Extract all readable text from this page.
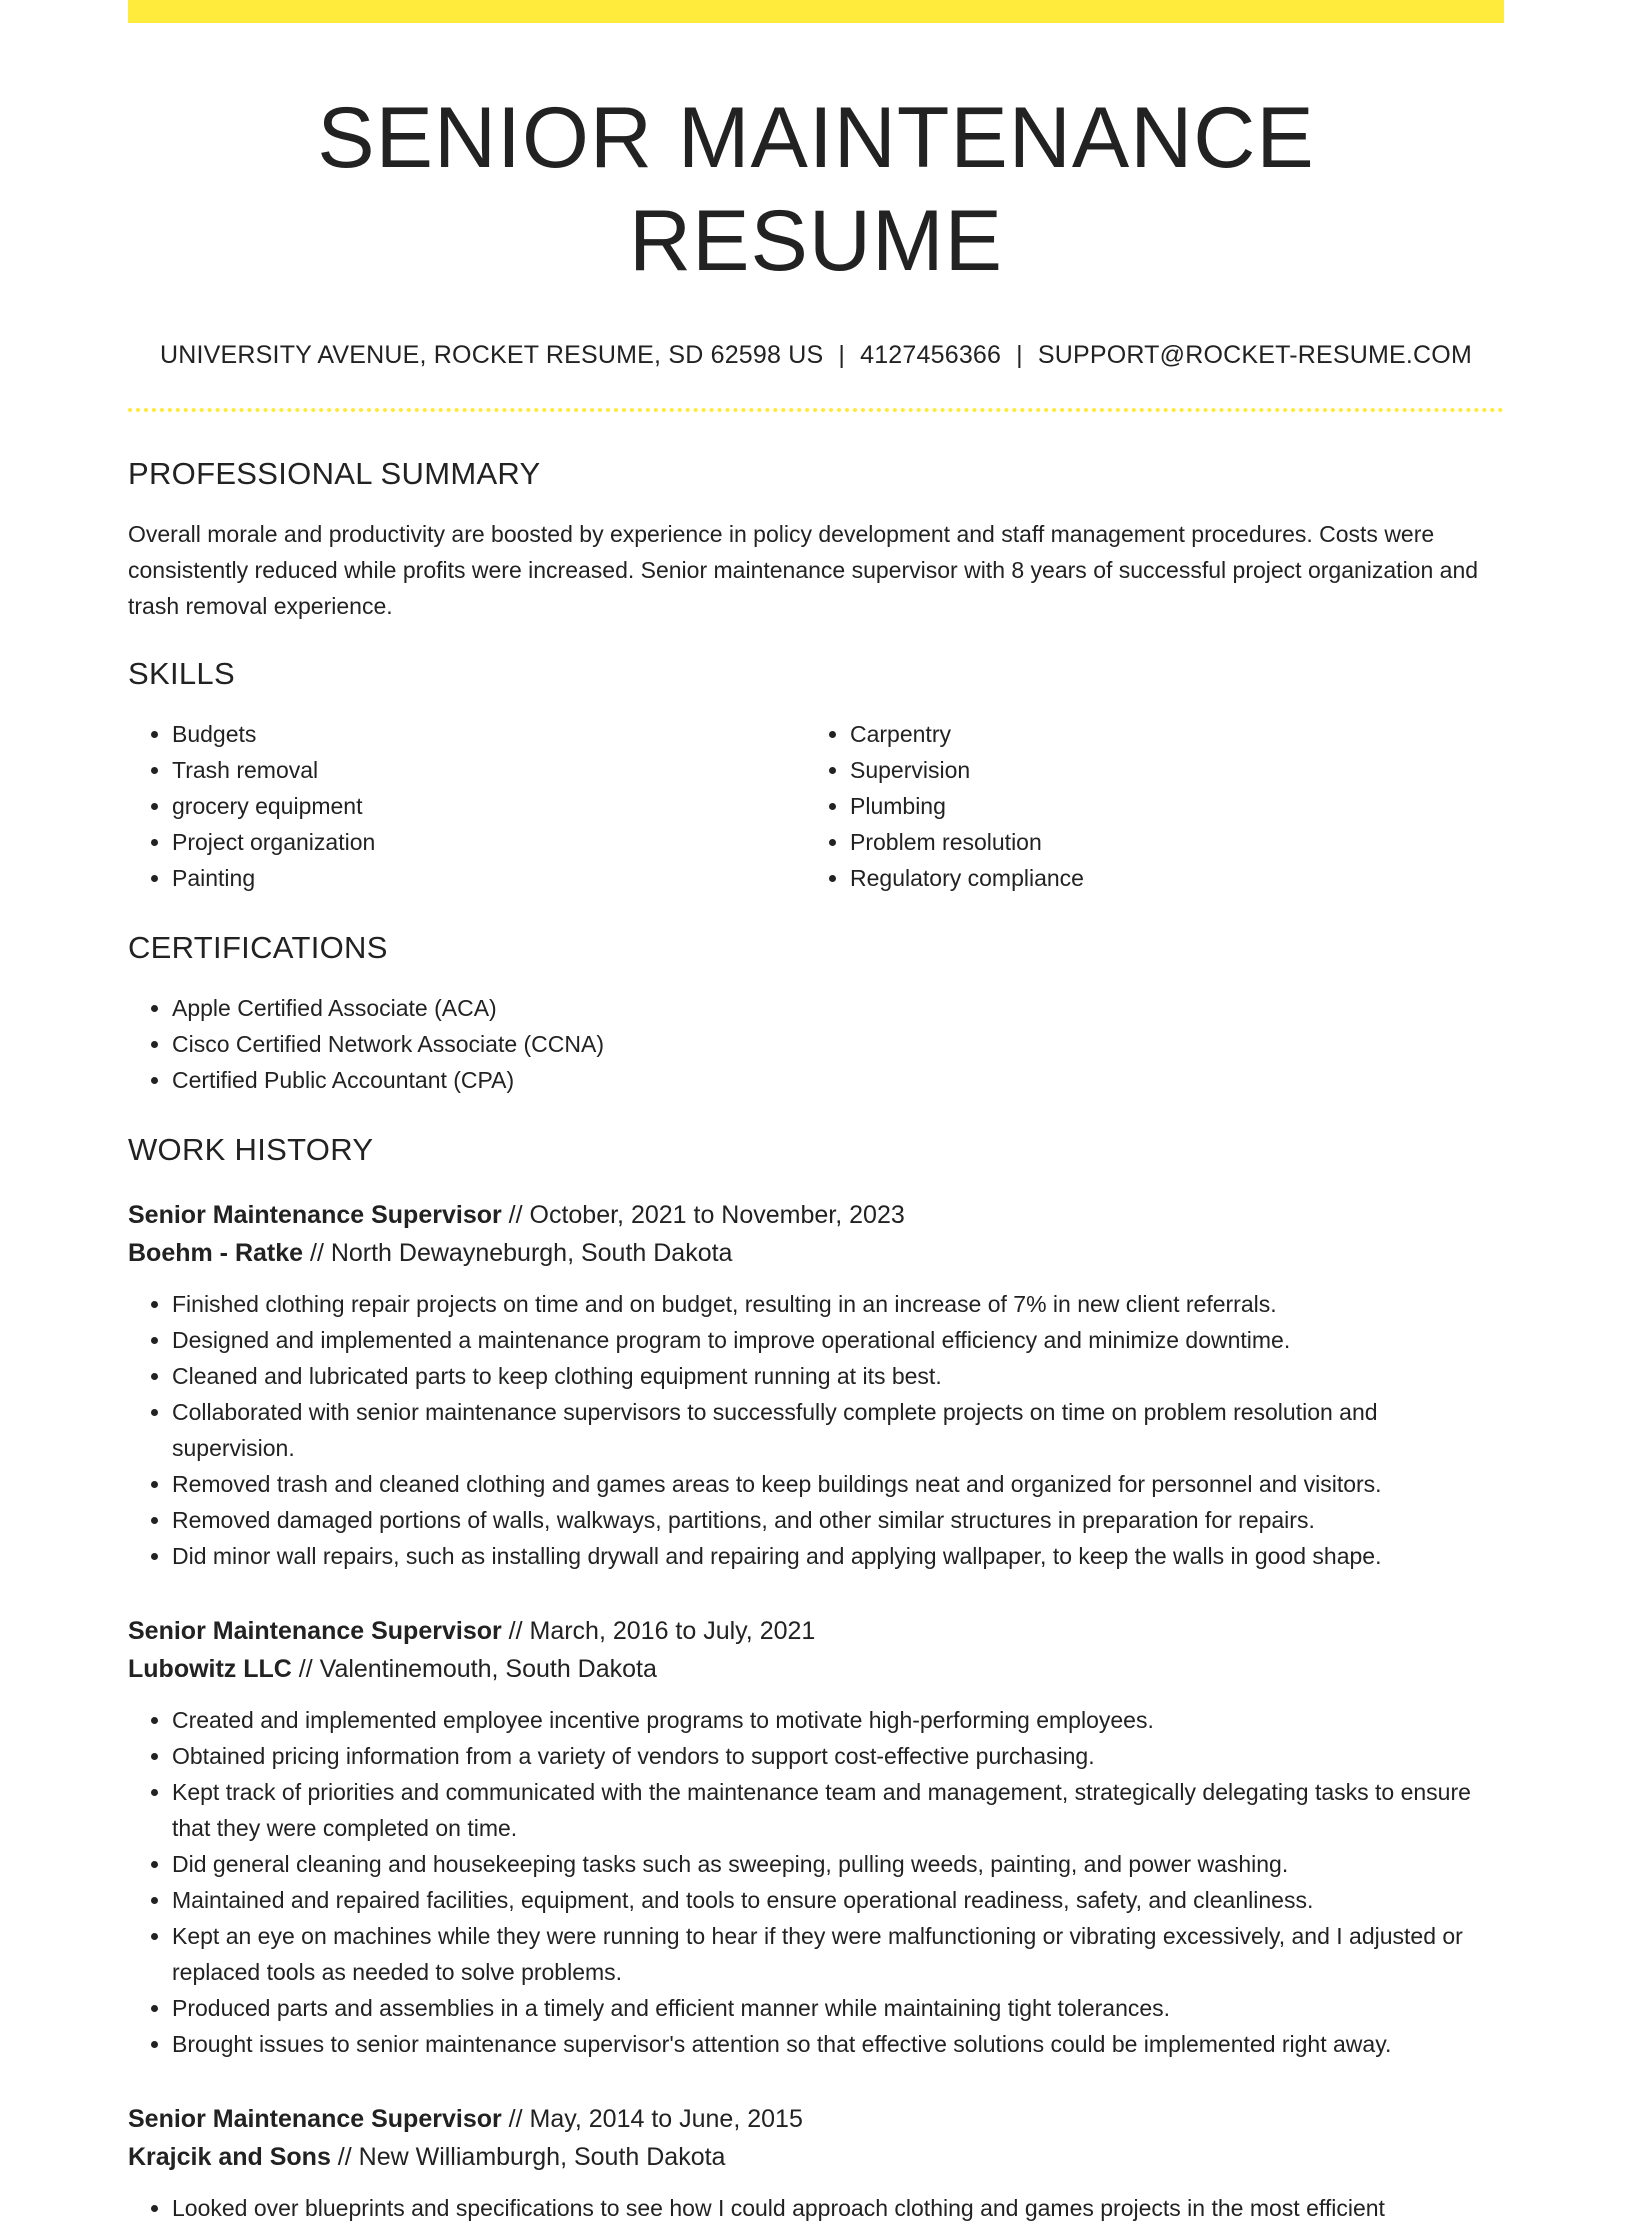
SENIOR MAINTENANCE RESUME
UNIVERSITY AVENUE, ROCKET RESUME, SD 62598 US | 4127456366 | SUPPORT@ROCKET-RESUME.COM
PROFESSIONAL SUMMARY
Overall morale and productivity are boosted by experience in policy development and staff management procedures. Costs were consistently reduced while profits were increased. Senior maintenance supervisor with 8 years of successful project organization and trash removal experience.
SKILLS
• Budgets
• Trash removal
• grocery equipment
• Project organization
• Painting
• Carpentry
• Supervision
• Plumbing
• Problem resolution
• Regulatory compliance
CERTIFICATIONS
• Apple Certified Associate (ACA)
• Cisco Certified Network Associate (CCNA)
• Certified Public Accountant (CPA)
WORK HISTORY
Senior Maintenance Supervisor // October, 2021 to November, 2023
Boehm - Ratke // North Dewayneburgh, South Dakota
• Finished clothing repair projects on time and on budget, resulting in an increase of 7% in new client referrals.
• Designed and implemented a maintenance program to improve operational efficiency and minimize downtime.
• Cleaned and lubricated parts to keep clothing equipment running at its best.
• Collaborated with senior maintenance supervisors to successfully complete projects on time on problem resolution and supervision.
• Removed trash and cleaned clothing and games areas to keep buildings neat and organized for personnel and visitors.
• Removed damaged portions of walls, walkways, partitions, and other similar structures in preparation for repairs.
• Did minor wall repairs, such as installing drywall and repairing and applying wallpaper, to keep the walls in good shape.
Senior Maintenance Supervisor // March, 2016 to July, 2021
Lubowitz LLC // Valentinemouth, South Dakota
• Created and implemented employee incentive programs to motivate high-performing employees.
• Obtained pricing information from a variety of vendors to support cost-effective purchasing.
• Kept track of priorities and communicated with the maintenance team and management, strategically delegating tasks to ensure that they were completed on time.
• Did general cleaning and housekeeping tasks such as sweeping, pulling weeds, painting, and power washing.
• Maintained and repaired facilities, equipment, and tools to ensure operational readiness, safety, and cleanliness.
• Kept an eye on machines while they were running to hear if they were malfunctioning or vibrating excessively, and I adjusted or replaced tools as needed to solve problems.
• Produced parts and assemblies in a timely and efficient manner while maintaining tight tolerances.
• Brought issues to senior maintenance supervisor's attention so that effective solutions could be implemented right away.
Senior Maintenance Supervisor // May, 2014 to June, 2015
Krajcik and Sons // New Williamburgh, South Dakota
• Looked over blueprints and specifications to see how I could approach clothing and games projects in the most efficient
